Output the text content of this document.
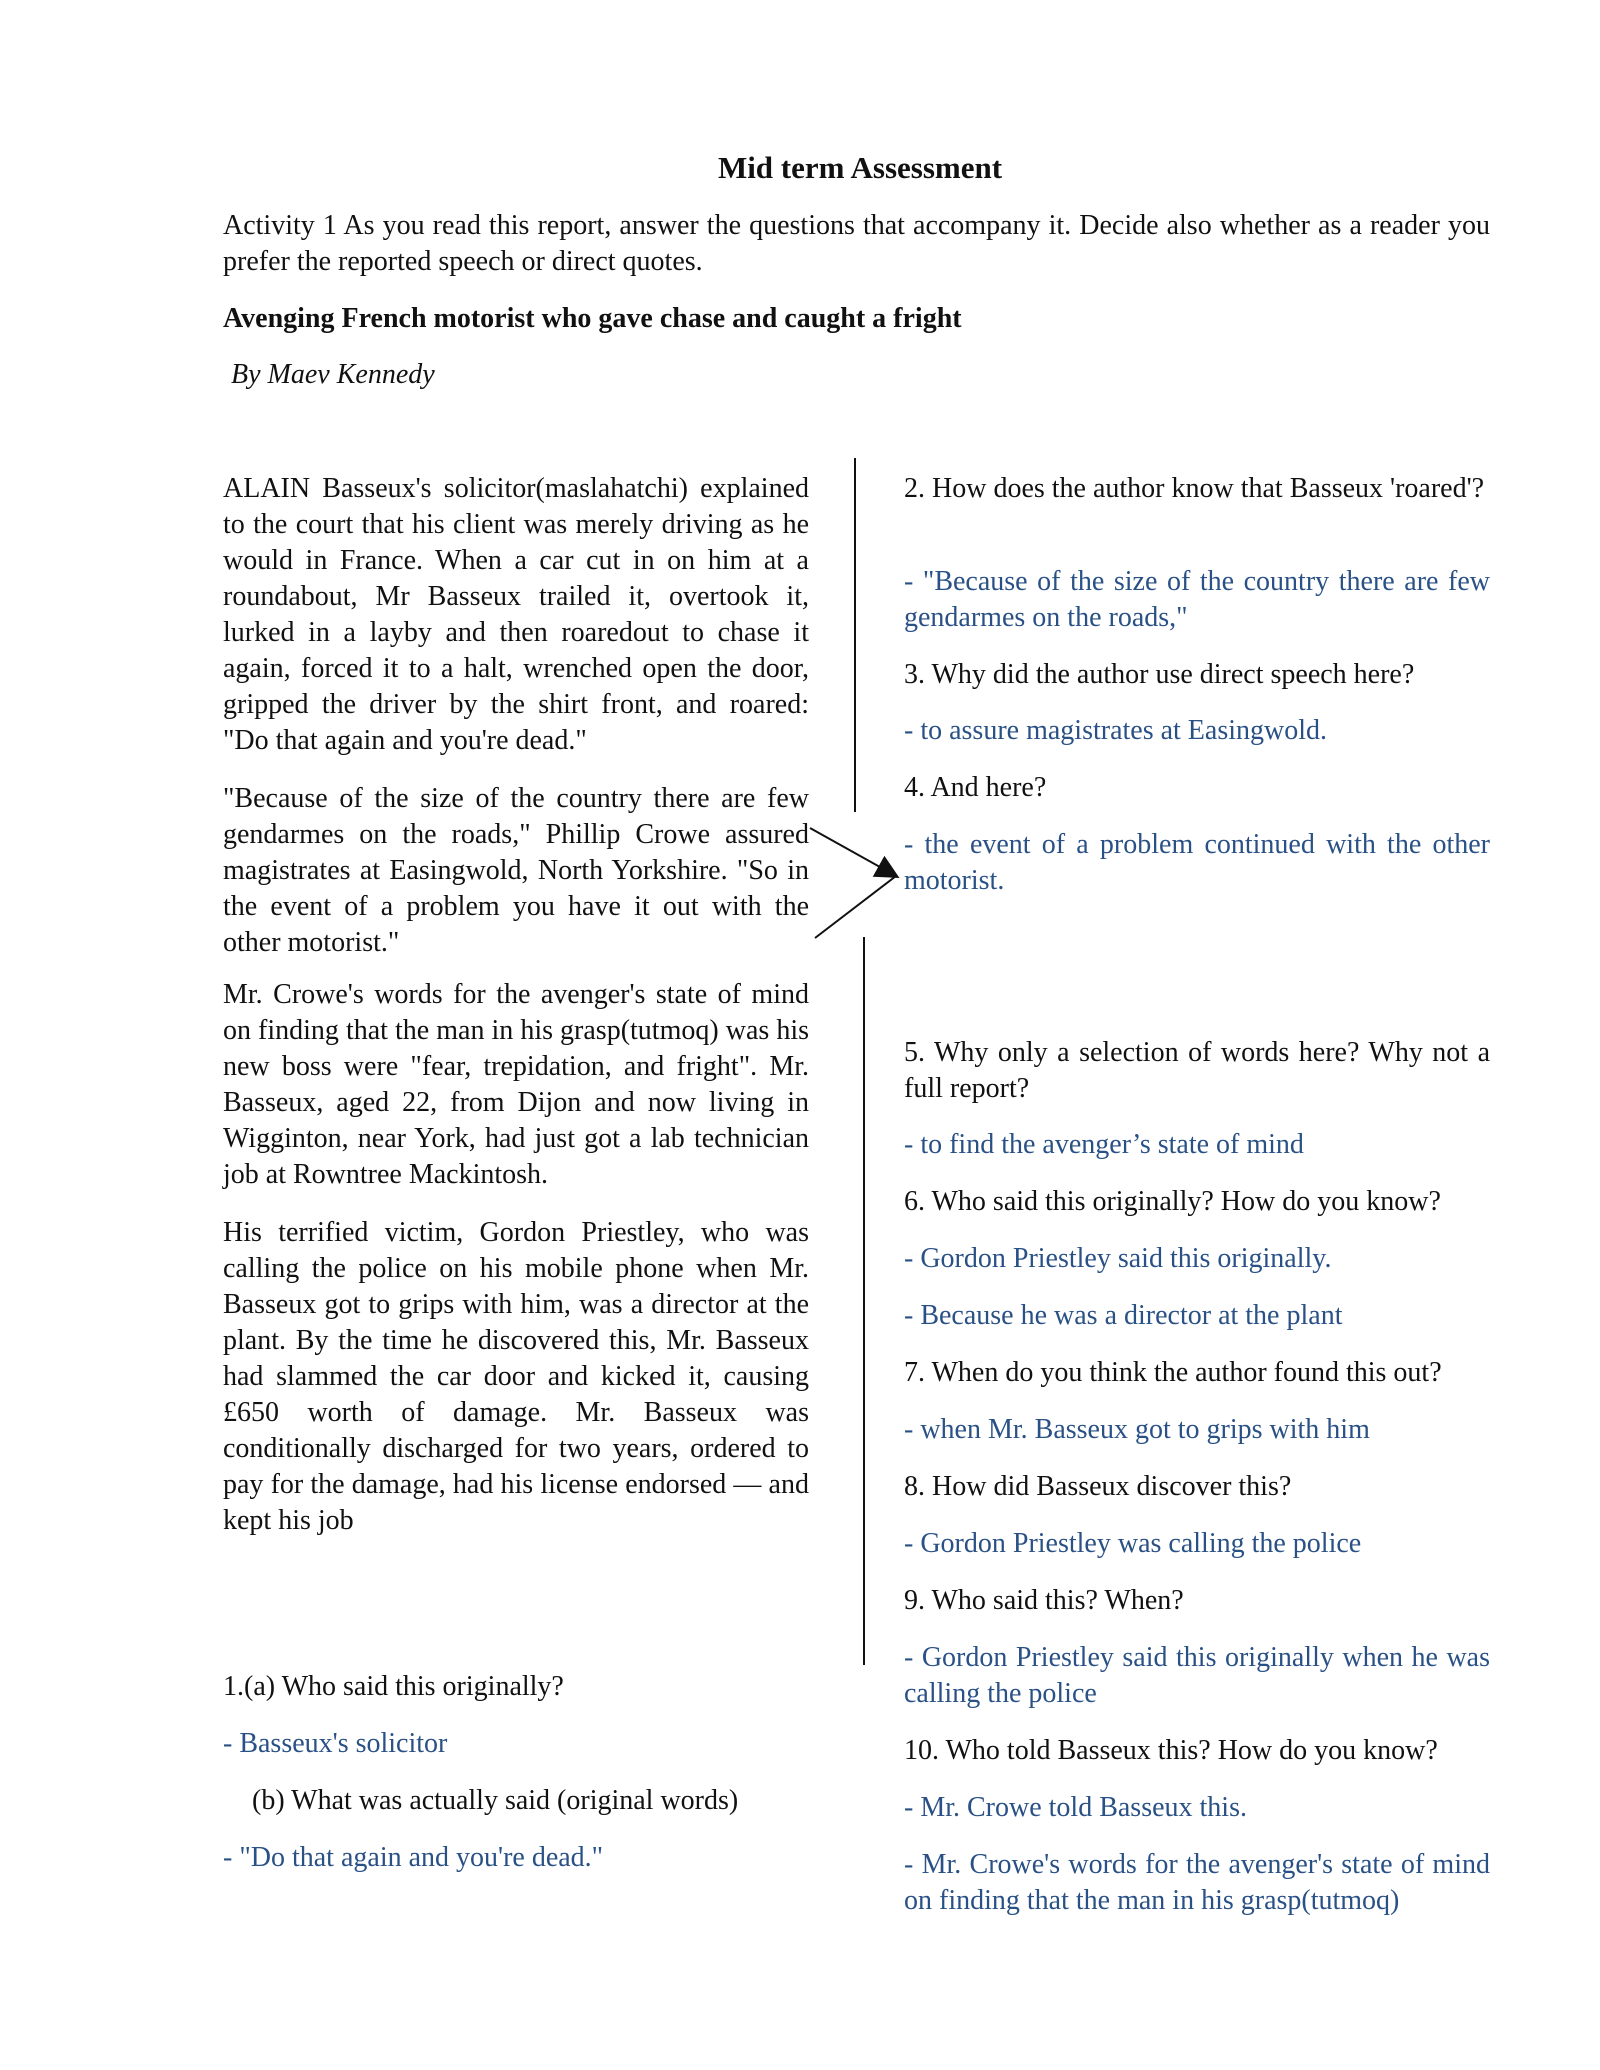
Mid term Assessment
Activity 1 As you read this report, answer the questions that accompany it. Decide also whether as a reader you prefer the reported speech or direct quotes.
Avenging French motorist who gave chase and caught a fright
By Maev Kennedy
ALAIN Basseux's solicitor(maslahatchi) explained to the court that his client was merely driving as he would in France. When a car cut in on him at a roundabout, Mr Basseux trailed it, overtook it, lurked in a layby and then roaredout to chase it again, forced it to a halt, wrenched open the door, gripped the driver by the shirt front, and roared: "Do that again and you're dead."
"Because of the size of the country there are few gendarmes on the roads," Phillip Crowe assured magistrates at Easingwold, North Yorkshire. "So in the event of a problem you have it out with the other motorist."
Mr. Crowe's words for the avenger's state of mind on finding that the man in his grasp(tutmoq) was his new boss were "fear, trepidation, and fright". Mr. Basseux, aged 22, from Dijon and now living in Wigginton, near York, had just got a lab technician job at Rowntree Mackintosh.
His terrified victim, Gordon Priestley, who was calling the police on his mobile phone when Mr. Basseux got to grips with him, was a director at the plant. By the time he discovered this, Mr. Basseux had slammed the car door and kicked it, causing £650 worth of damage. Mr. Basseux was conditionally discharged for two years, ordered to pay for the damage, had his license endorsed — and kept his job
1.(a) Who said this originally?
- Basseux's solicitor
(b) What was actually said (original words)
- "Do that again and you're dead."
2. How does the author know that Basseux 'roared'?
- "Because of the size of the country there are few gendarmes on the roads,"
3. Why did the author use direct speech here?
- to assure magistrates at Easingwold.
4. And here?
- the event of a problem continued with the other motorist.
5. Why only a selection of words here? Why not a full report?
- to find the avenger’s state of mind
6. Who said this originally? How do you know?
- Gordon Priestley said this originally.
- Because he was a director at the plant
7. When do you think the author found this out?
- when Mr. Basseux got to grips with him
8. How did Basseux discover this?
- Gordon Priestley was calling the police
9. Who said this? When?
- Gordon Priestley said this originally when he was calling the police
10. Who told Basseux this? How do you know?
- Mr. Crowe told Basseux this.
- Mr. Crowe's words for the avenger's state of mind on finding that the man in his grasp(tutmoq)
